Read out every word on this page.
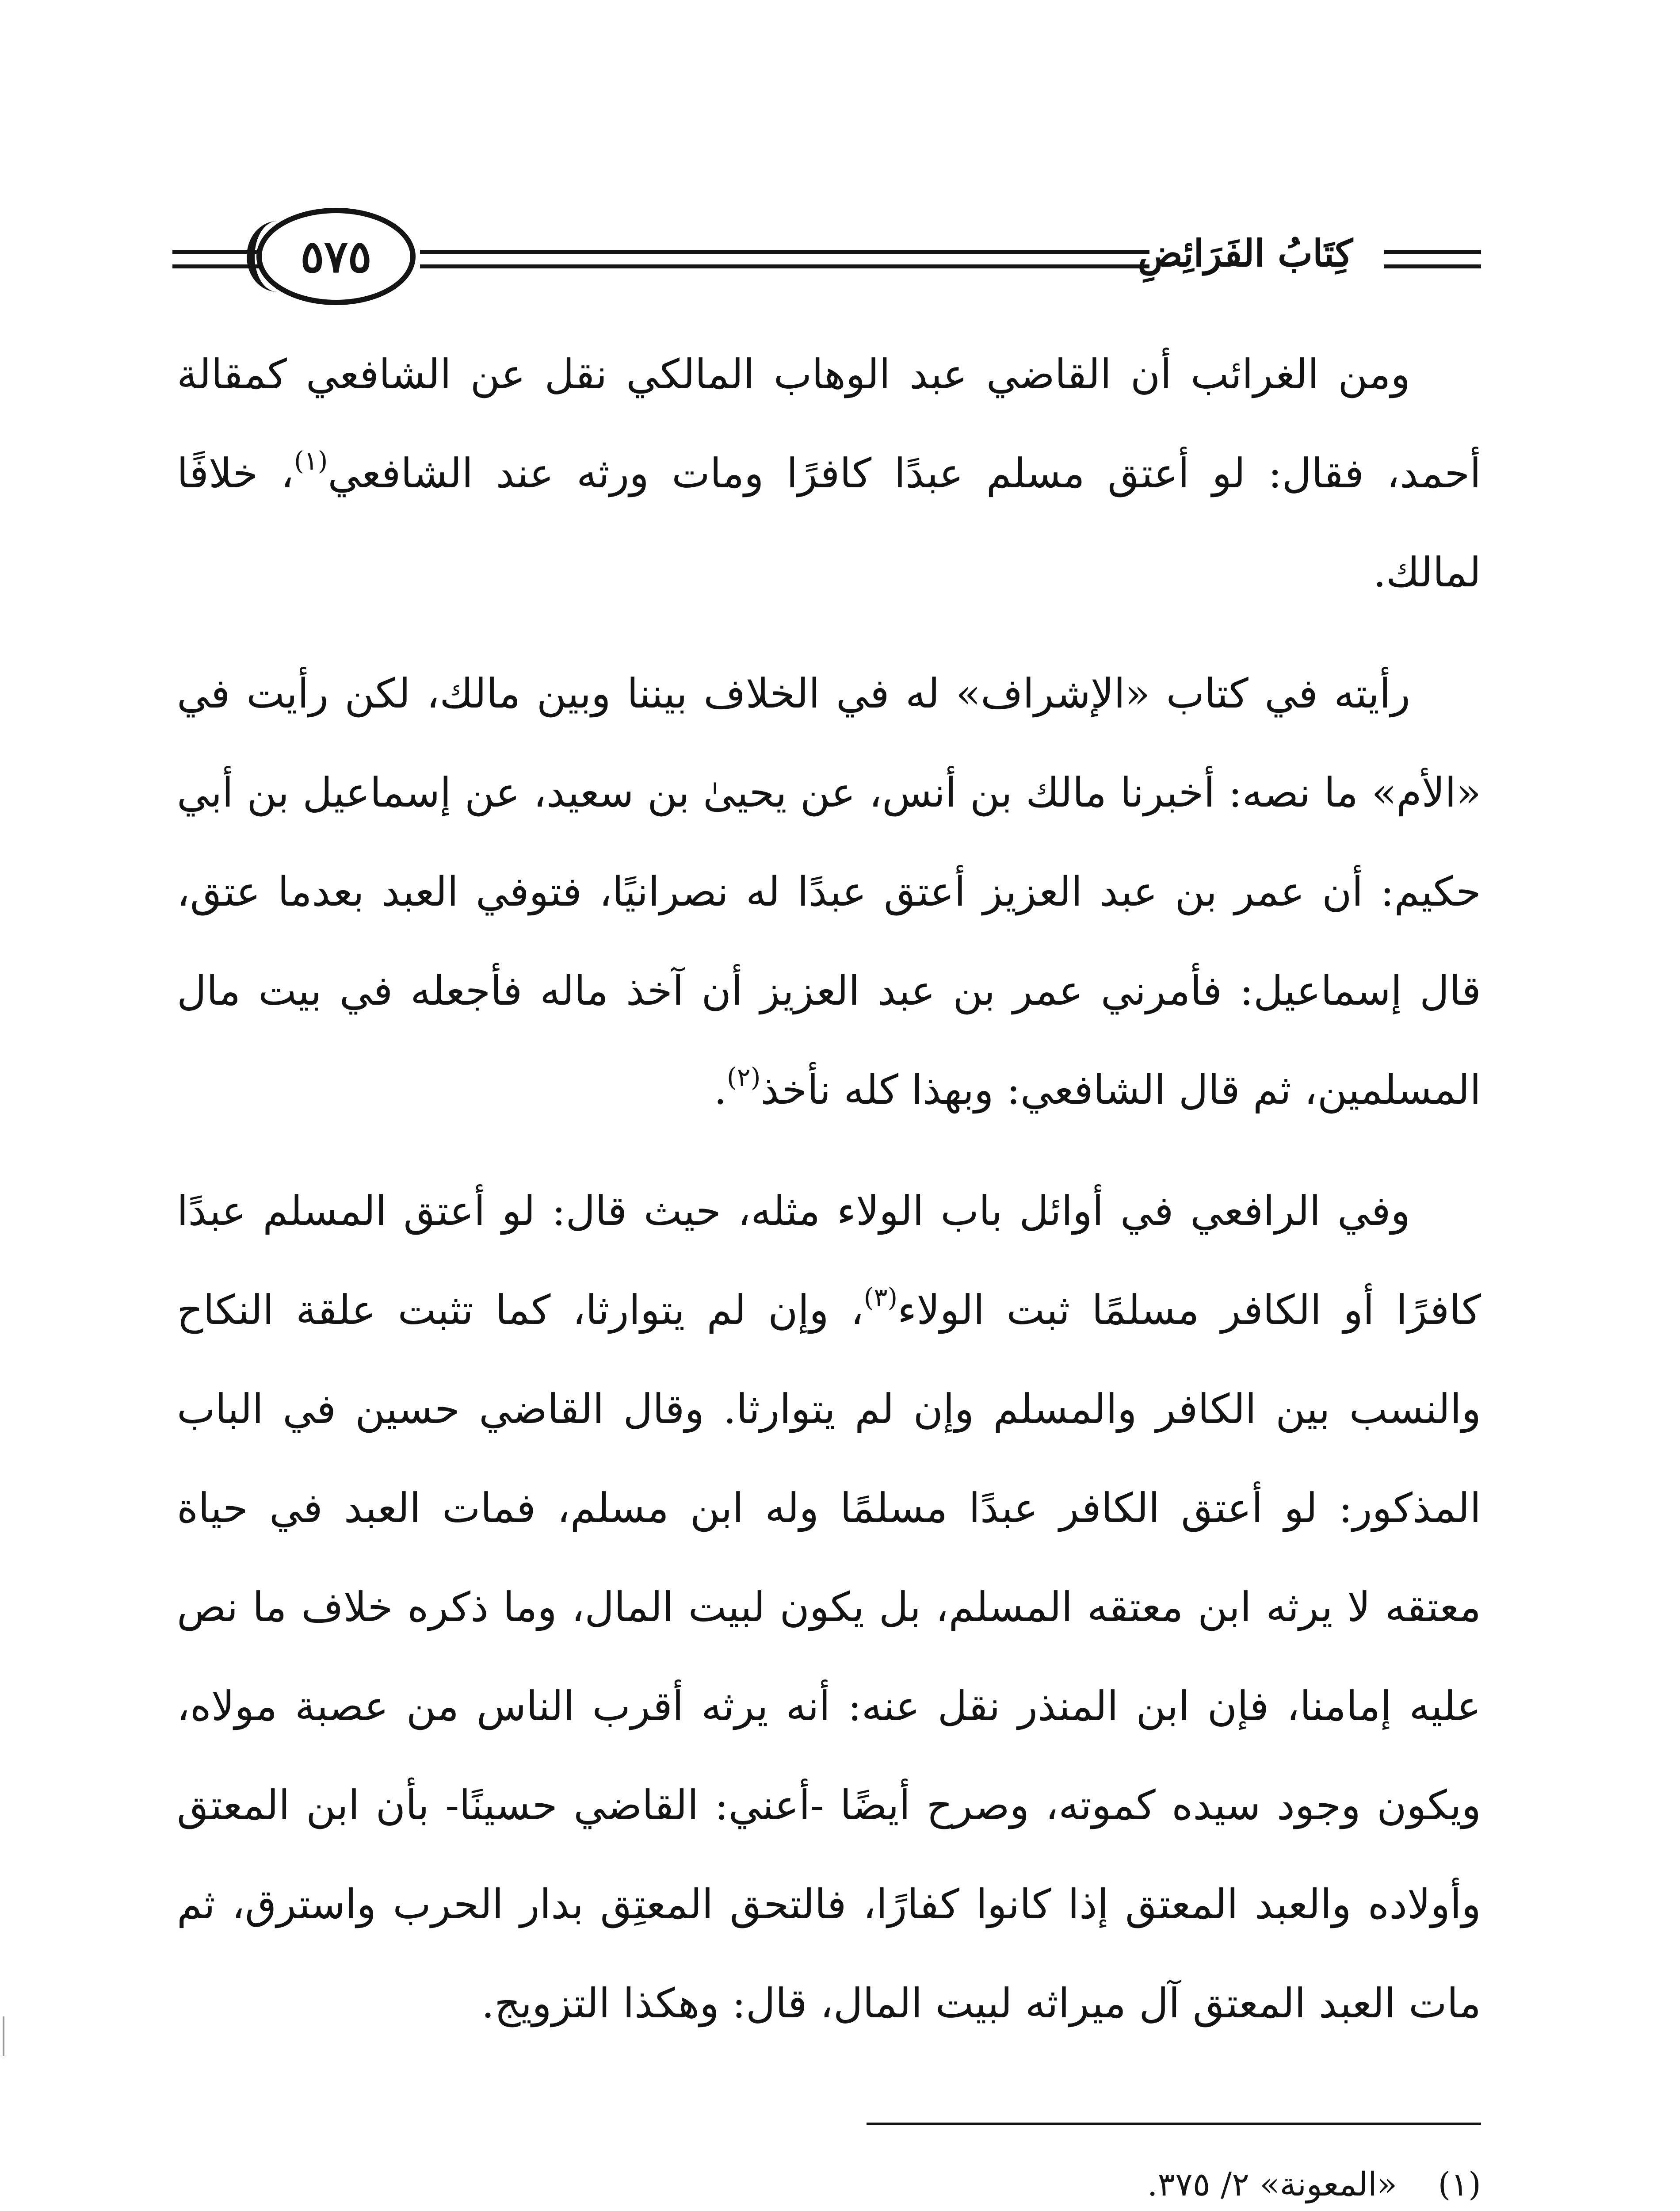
كِتَابُ الفَرَائِضِ
٥٧٥

ومن الغرائب أن القاضي عبد الوهاب المالكي نقل عن الشافعي كمقالة أحمد، فقال: لو أعتق مسلم عبدًا كافرًا ومات ورثه عند الشافعي$^{(١)}$، خلافًا لمالك.

رأيته في كتاب «الإشراف» له في الخلاف بيننا وبين مالك، لكن رأيت في «الأم» ما نصه: أخبرنا مالك بن أنس، عن يحيىٰ بن سعيد، عن إسماعيل بن أبي حكيم: أن عمر بن عبد العزيز أعتق عبدًا له نصرانيًا، فتوفي العبد بعدما عتق، قال إسماعيل: فأمرني عمر بن عبد العزيز أن آخذ ماله فأجعله في بيت مال المسلمين، ثم قال الشافعي: وبهذا كله نأخذ$^{(٢)}$.

وفي الرافعي في أوائل باب الولاء مثله، حيث قال: لو أعتق المسلم عبدًا كافرًا أو الكافر مسلمًا ثبت الولاء$^{(٣)}$، وإن لم يتوارثا، كما تثبت علقة النكاح والنسب بين الكافر والمسلم وإن لم يتوارثا. وقال القاضي حسين في الباب المذكور: لو أعتق الكافر عبدًا مسلمًا وله ابن مسلم، فمات العبد في حياة معتقه لا يرثه ابن معتقه المسلم، بل يكون لبيت المال، وما ذكره خلاف ما نص عليه إمامنا، فإن ابن المنذر نقل عنه: أنه يرثه أقرب الناس من عصبة مولاه، ويكون وجود سيده كموته، وصرح أيضًا -أعني: القاضي حسينًا- بأن ابن المعتق وأولاده والعبد المعتق إذا كانوا كفارًا، فالتحق المعتِق بدار الحرب واسترق، ثم مات العبد المعتق آل ميراثه لبيت المال، قال: وهكذا التزويج.

(١)
«المعونة» ٢/ ٣٧٥.
